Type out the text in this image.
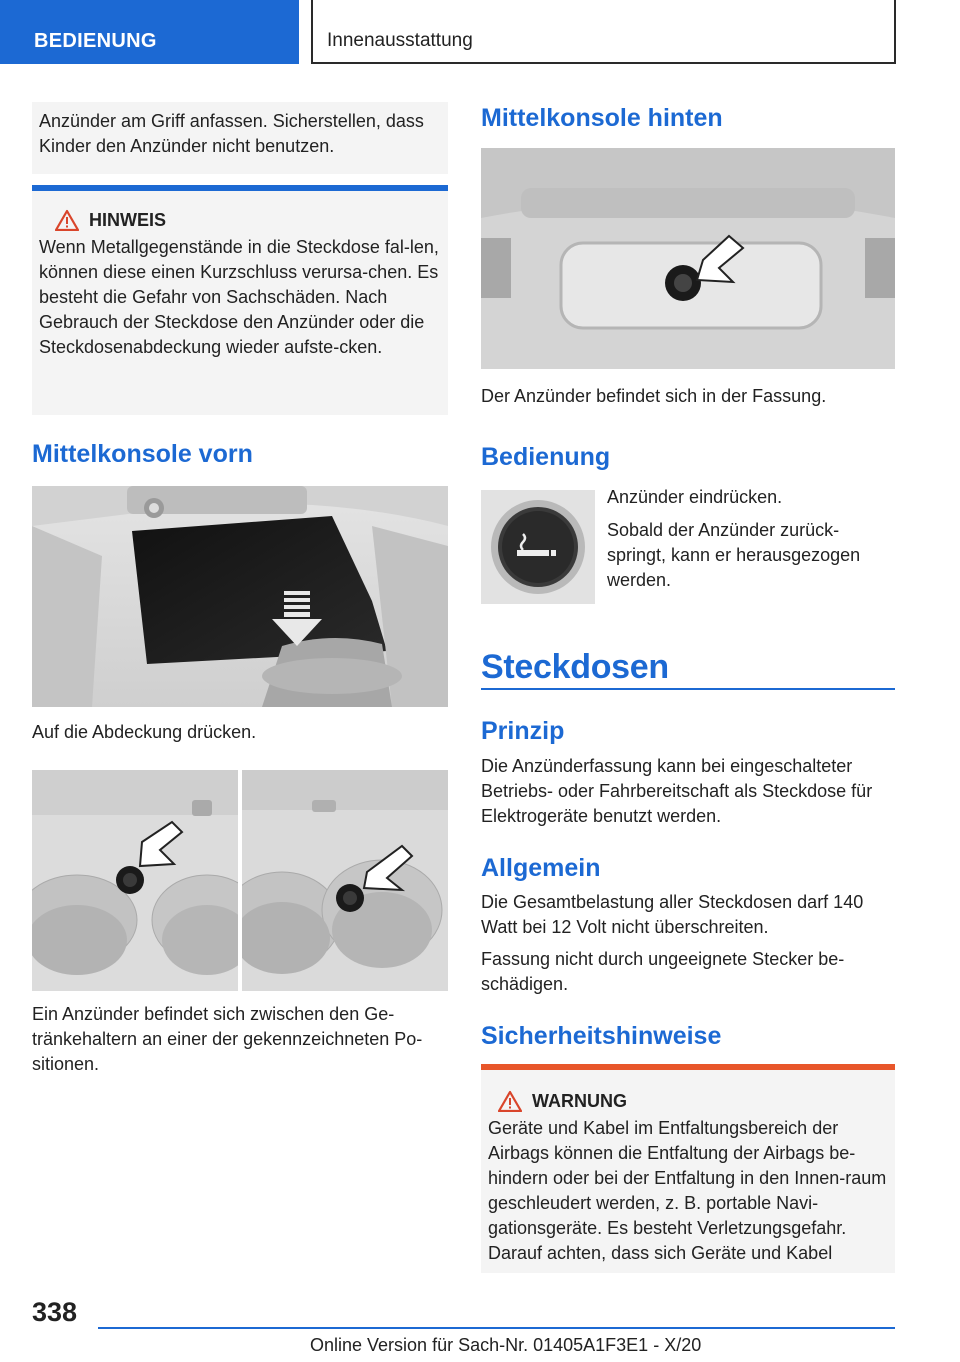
BEDIENUNG	Innenausstattung
Anzünder am Griff anfassen. Sicherstellen, dass Kinder den Anzünder nicht benutzen.
HINWEIS
Wenn Metallgegenstände in die Steckdose fal-len, können diese einen Kurzschluss verursa-chen. Es besteht die Gefahr von Sachschäden. Nach Gebrauch der Steckdose den Anzünder oder die Steckdosenabdeckung wieder aufste-cken.
Mittelkonsole vorn
Auf die Abdeckung drücken.
Ein Anzünder befindet sich zwischen den Ge-tränkehaltern an einer der gekennzeichneten Po-sitionen.
Mittelkonsole hinten
Der Anzünder befindet sich in der Fassung.
Bedienung
Anzünder eindrücken.
Sobald der Anzünder zurück-springt, kann er herausgezogen werden.
Steckdosen
Prinzip
Die Anzünderfassung kann bei eingeschalteter Betriebs- oder Fahrbereitschaft als Steckdose für Elektrogeräte benutzt werden.
Allgemein
Die Gesamtbelastung aller Steckdosen darf 140 Watt bei 12 Volt nicht überschreiten.
Fassung nicht durch ungeeignete Stecker be-schädigen.
Sicherheitshinweise
WARNUNG
Geräte und Kabel im Entfaltungsbereich der Airbags können die Entfaltung der Airbags be-hindern oder bei der Entfaltung in den Innen-raum geschleudert werden, z. B. portable Navi-gationsgeräte. Es besteht Verletzungsgefahr. Darauf achten, dass sich Geräte und Kabel
338
Online Version für Sach-Nr. 01405A1F3E1 - X/20
